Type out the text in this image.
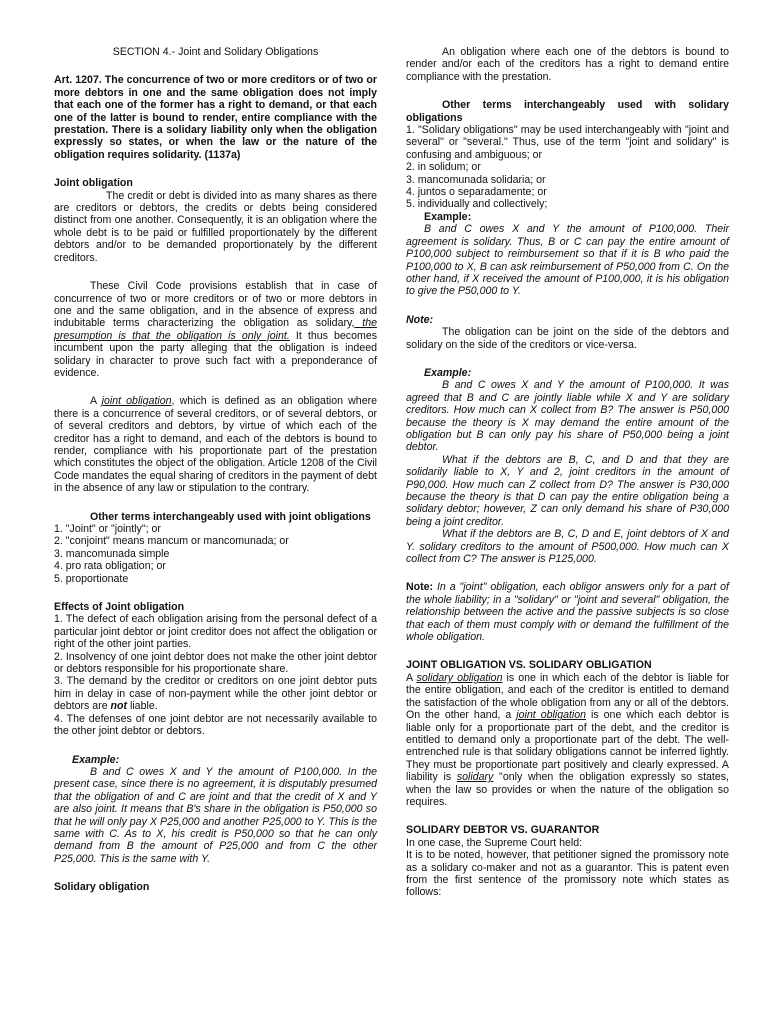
SECTION 4.- Joint and Solidary Obligations

Art. 1207. The concurrence of two or more creditors or of two or more debtors in one and the same obligation does not imply that each one of the former has a right to demand, or that each one of the latter is bound to render, entire compliance with the prestation. There is a solidary liability only when the obligation expressly so states, or when the law or the nature of the obligation requires solidarity. (1137a)

Joint obligation

The credit or debt is divided into as many shares as there are creditors or debtors, the credits or debts being considered distinct from one another. Consequently, it is an obligation where the whole debt is to be paid or fulfilled proportionately by the different debtors and/or to be demanded proportionately by the different creditors.

These Civil Code provisions establish that in case of concurrence of two or more creditors or of two or more debtors in one and the same obligation, and in the absence of express and indubitable terms characterizing the obligation as solidary, the presumption is that the obligation is only joint. It thus becomes incumbent upon the party alleging that the obligation is indeed solidary in character to prove such fact with a preponderance of evidence.

A joint obligation, which is defined as an obligation where there is a concurrence of several creditors, or of several debtors, or of several creditors and debtors, by virtue of which each of the creditor has a right to demand, and each of the debtors is bound to render, compliance with his proportionate part of the prestation which constitutes the object of the obligation. Article 1208 of the Civil Code mandates the equal sharing of creditors in the payment of debt in the absence of any law or stipulation to the contrary.

Other terms interchangeably used with joint obligations

1. "Joint" or "jointly"; or
2. "conjoint" means mancum or mancomunada; or
3. mancomunada simple
4. pro rata obligation; or
5. proportionate

Effects of Joint obligation

1. The defect of each obligation arising from the personal defect of a particular joint debtor or joint creditor does not affect the obligation or right of the other joint parties.

2. Insolvency of one joint debtor does not make the other joint debtor or debtors responsible for his proportionate share.

3. The demand by the creditor or creditors on one joint debtor puts him in delay in case of non-payment while the other joint debtor or debtors are not liable.

4. The defenses of one joint debtor are not necessarily available to the other joint debtor or debtors.

Example:

B and C owes X and Y the amount of P100,000. In the present case, since there is no agreement, it is disputably presumed that the obligation of and C are joint and that the credit of X and Y are also joint. It means that B's share in the obligation is P50,000 so that he will only pay X P25,000 and another P25,000 to Y. This is the same with C. As to X, his credit is P50,000 so that he can only demand from B the amount of P25,000 and from C the other P25,000. This is the same with Y.

Solidary obligation

An obligation where each one of the debtors is bound to render and/or each of the creditors has a right to demand entire compliance with the prestation.

Other terms interchangeably used with solidary obligations

1. "Solidary obligations" may be used interchangeably with "joint and several" or "several." Thus, use of the term "joint and solidary" is confusing and ambiguous; or

2. in solidum; or
3. mancomunada solidaria; or
4. juntos o separadamente; or
5. individually and collectively;

Example:

B and C owes X and Y the amount of P100,000. Their agreement is solidary. Thus, B or C can pay the entire amount of P100,000 subject to reimbursement so that if it is B who paid the P100,000 to X, B can ask reimbursement of P50,000 from C. On the other hand, if X received the amount of P100,000, it is his obligation to give the P50,000 to Y.

Note:

The obligation can be joint on the side of the debtors and solidary on the side of the creditors or vice-versa.

Example:

B and C owes X and Y the amount of P100,000. It was agreed that B and C are jointly liable while X and Y are solidary creditors. How much can X collect from B? The answer is P50,000 because the theory is X may demand the entire amount of the obligation but B can only pay his share of P50,000 being a joint debtor.

What if the debtors are B, C, and D and that they are solidarily liable to X, Y and 2, joint creditors in the amount of P90,000. How much can Z collect from D? The answer is P30,000 because the theory is that D can pay the entire obligation being a solidary debtor; however, Z can only demand his share of P30,000 being a joint creditor.

What if the debtors are B, C, D and E, joint debtors of X and Y. solidary creditors to the amount of P500,000. How much can X collect from C? The answer is P125,000.

Note: In a "joint" obligation, each obligor answers only for a part of the whole liability; in a "solidary" or "joint and several" obligation, the relationship between the active and the passive subjects is so close that each of them must comply with or demand the fulfillment of the whole obligation.

JOINT OBLIGATION VS. SOLIDARY OBLIGATION

A solidary obligation is one in which each of the debtor is liable for the entire obligation, and each of the creditor is entitled to demand the satisfaction of the whole obligation from any or all of the debtors. On the other hand, a joint obligation is one which each debtor is liable only for a proportionate part of the debt, and the creditor is entitled to demand only a proportionate part of the debt. The well-entrenched rule is that solidary obligations cannot be inferred lightly. They must be proportionate part positively and clearly expressed. A liability is solidary "only when the obligation expressly so states, when the law so provides or when the nature of the obligation so requires.

SOLIDARY DEBTOR VS. GUARANTOR

In one case, the Supreme Court held:

It is to be noted, however, that petitioner signed the promissory note as a solidary co-maker and not as a guarantor. This is patent even from the first sentence of the promissory note which states as follows:
